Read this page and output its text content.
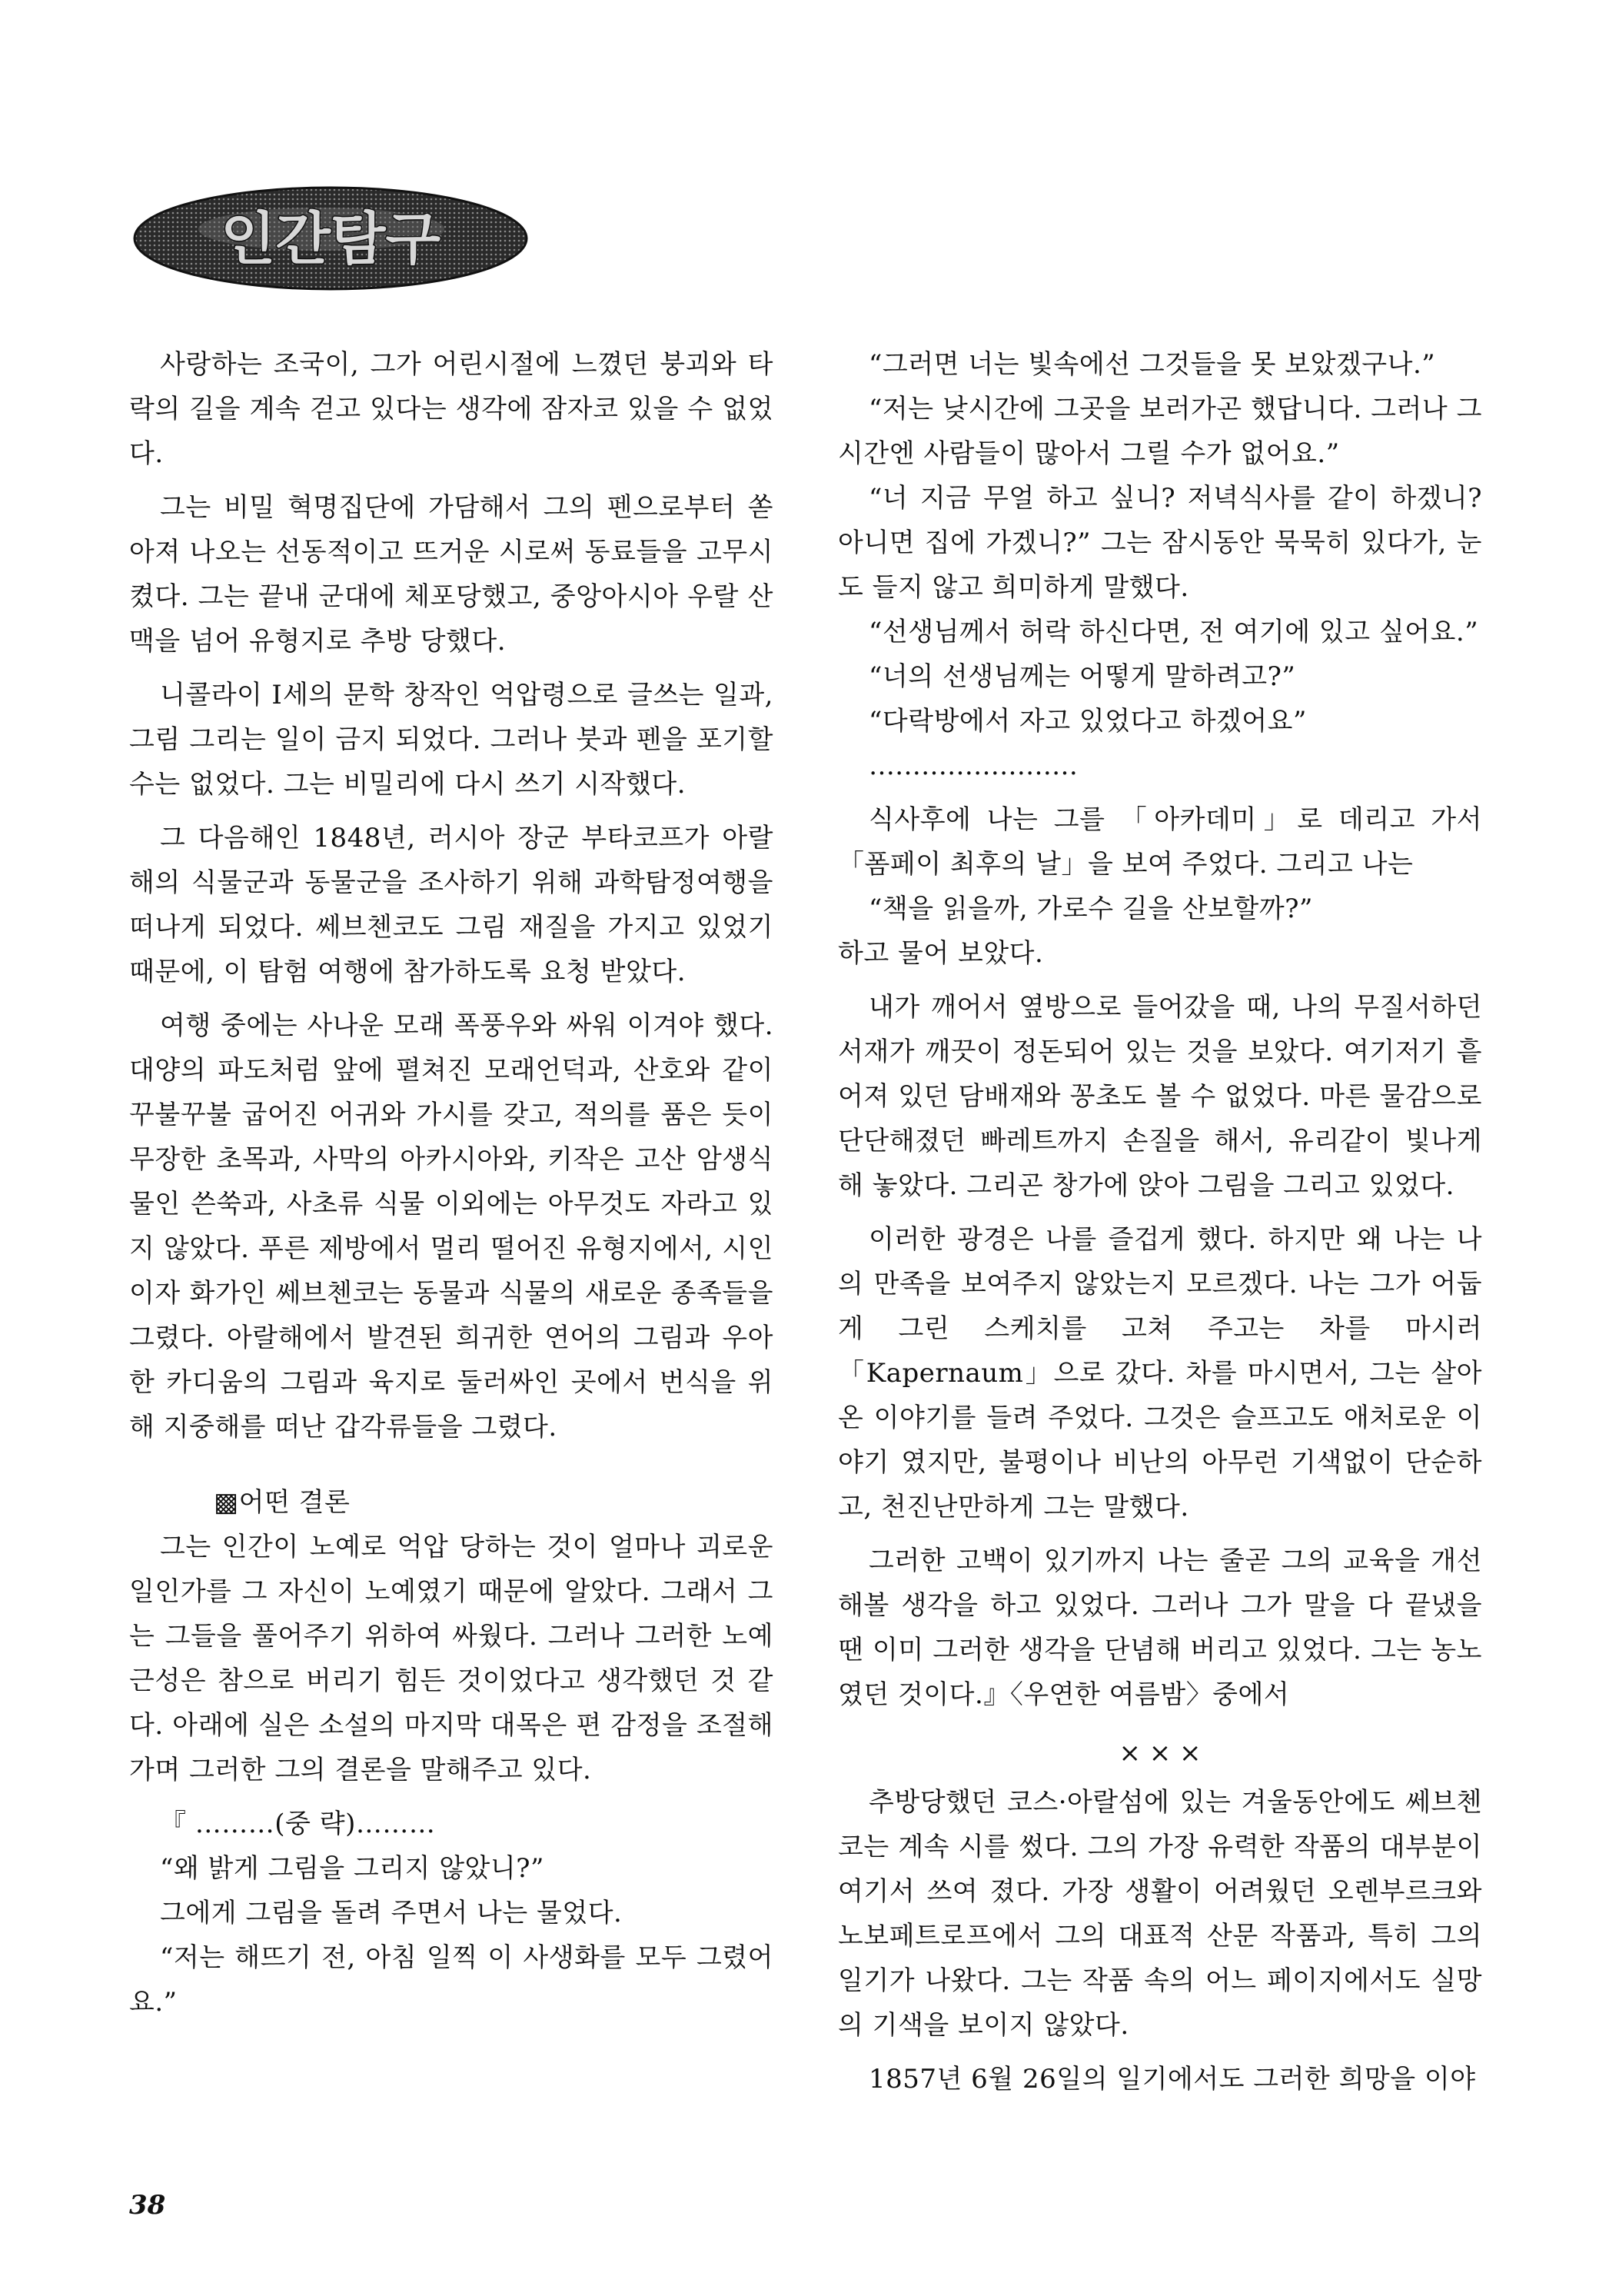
인간탐구

사랑하는 조국이, 그가 어린시절에 느꼈던 붕괴와 타락의 길을 계속 걷고 있다는 생각에 잠자코 있을 수 없었다.

그는 비밀 혁명집단에 가담해서 그의 펜으로부터 쏟아져 나오는 선동적이고 뜨거운 시로써 동료들을 고무시켰다. 그는 끝내 군대에 체포당했고, 중앙아시아 우랄 산맥을 넘어 유형지로 추방 당했다.

니콜라이 Ⅰ세의 문학 창작인 억압령으로 글쓰는 일과, 그림 그리는 일이 금지 되었다. 그러나 붓과 펜을 포기할 수는 없었다. 그는 비밀리에 다시 쓰기 시작했다.

그 다음해인 1848년, 러시아 장군 부타코프가 아랄해의 식물군과 동물군을 조사하기 위해 과학탐정여행을 떠나게 되었다. 쎄브첸코도 그림 재질을 가지고 있었기 때문에, 이 탐험 여행에 참가하도록 요청 받았다.

여행 중에는 사나운 모래 폭풍우와 싸워 이겨야 했다. 대양의 파도처럼 앞에 펼쳐진 모래언덕과, 산호와 같이 꾸불꾸불 굽어진 어귀와 가시를 갖고, 적의를 품은 듯이 무장한 초목과, 사막의 아카시아와, 키작은 고산 암생식물인 쓴쑥과, 사초류 식물 이외에는 아무것도 자라고 있지 않았다. 푸른 제방에서 멀리 떨어진 유형지에서, 시인이자 화가인 쎄브첸코는 동물과 식물의 새로운 종족들을 그렸다. 아랄해에서 발견된 희귀한 연어의 그림과 우아한 카디움의 그림과 육지로 둘러싸인 곳에서 번식을 위해 지중해를 떠난 갑각류들을 그렸다.

▩어떤 결론

그는 인간이 노예로 억압 당하는 것이 얼마나 괴로운 일인가를 그 자신이 노예였기 때문에 알았다. 그래서 그는 그들을 풀어주기 위하여 싸웠다. 그러나 그러한 노예 근성은 참으로 버리기 힘든 것이었다고 생각했던 것 같다. 아래에 실은 소설의 마지막 대목은 편 감정을 조절해가며 그러한 그의 결론을 말해주고 있다.

『 ………(중 략)………

“왜 밝게 그림을 그리지 않았니?”

그에게 그림을 돌려 주면서 나는 물었다.

“저는 해뜨기 전, 아침 일찍 이 사생화를 모두 그렸어요.”

“그러면 너는 빛속에선 그것들을 못 보았겠구나.”

“저는 낮시간에 그곳을 보러가곤 했답니다. 그러나 그 시간엔 사람들이 많아서 그릴 수가 없어요.”

“너 지금 무얼 하고 싶니? 저녁식사를 같이 하겠니? 아니면 집에 가겠니?” 그는 잠시동안 묵묵히 있다가, 눈도 들지 않고 희미하게 말했다.

“선생님께서 허락 하신다면, 전 여기에 있고 싶어요.”

“너의 선생님께는 어떻게 말하려고?”

“다락방에서 자고 있었다고 하겠어요”

……………………

식사후에 나는 그를 「아카데미」로 데리고 가서 「폼페이 최후의 날」을 보여 주었다. 그리고 나는

“책을 읽을까, 가로수 길을 산보할까?”

하고 물어 보았다.

내가 깨어서 옆방으로 들어갔을 때, 나의 무질서하던 서재가 깨끗이 정돈되어 있는 것을 보았다. 여기저기 흩어져 있던 담배재와 꽁초도 볼 수 없었다. 마른 물감으로 단단해졌던 빠레트까지 손질을 해서, 유리같이 빛나게 해 놓았다. 그리곤 창가에 앉아 그림을 그리고 있었다.

이러한 광경은 나를 즐겁게 했다. 하지만 왜 나는 나의 만족을 보여주지 않았는지 모르겠다. 나는 그가 어둡게 그린 스케치를 고쳐 주고는 차를 마시러 「Kapernaum」으로 갔다. 차를 마시면서, 그는 살아온 이야기를 들려 주었다. 그것은 슬프고도 애처로운 이야기 였지만, 불평이나 비난의 아무런 기색없이 단순하고, 천진난만하게 그는 말했다.

그러한 고백이 있기까지 나는 줄곧 그의 교육을 개선해볼 생각을 하고 있었다. 그러나 그가 말을 다 끝냈을 땐 이미 그러한 생각을 단념해 버리고 있었다. 그는 농노였던 것이다.』〈우연한 여름밤〉중에서

× × ×

추방당했던 코스·아랄섬에 있는 겨울동안에도 쎄브첸코는 계속 시를 썼다. 그의 가장 유력한 작품의 대부분이 여기서 쓰여 졌다. 가장 생활이 어려웠던 오렌부르크와 노보페트로프에서 그의 대표적 산문 작품과, 특히 그의 일기가 나왔다. 그는 작품 속의 어느 페이지에서도 실망의 기색을 보이지 않았다.

1857년 6월 26일의 일기에서도 그러한 희망을 이야

38
